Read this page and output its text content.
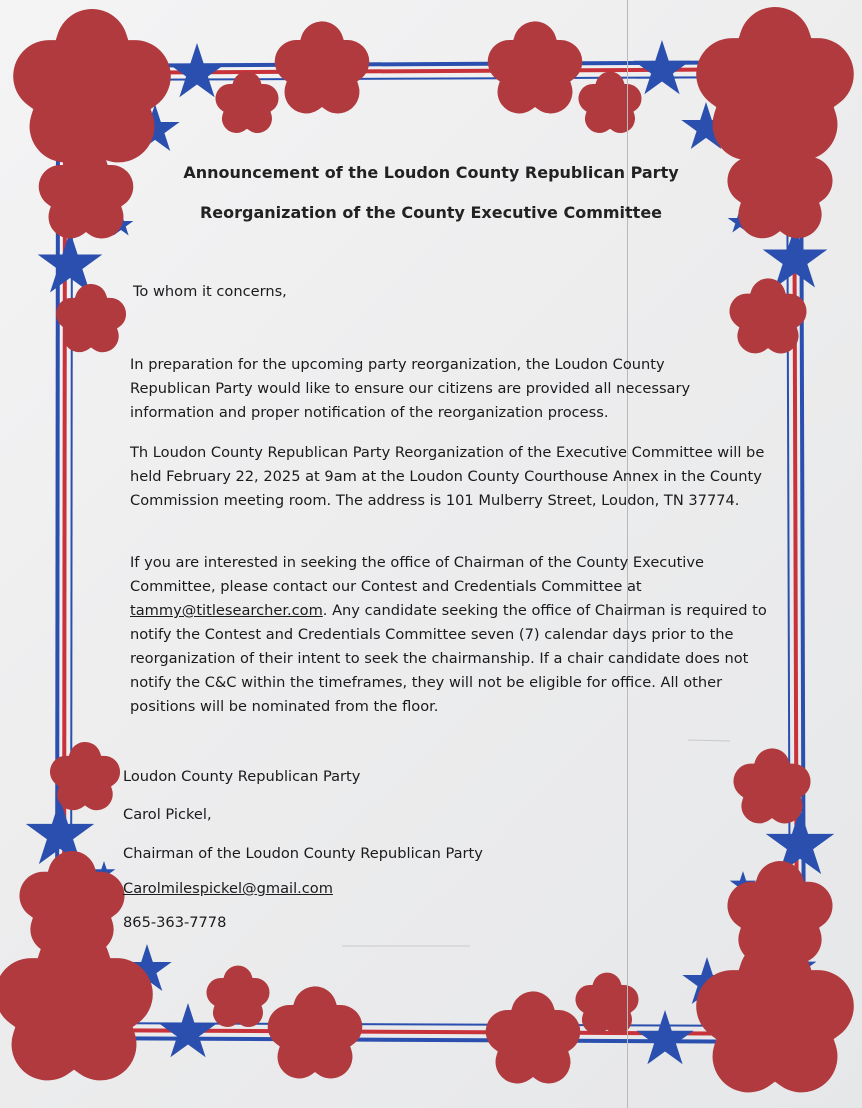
Announcement of the Loudon County Republican Party
Reorganization of the County Executive Committee
To whom it concerns,
In preparation for the upcoming party reorganization, the Loudon County Republican Party would like to ensure our citizens are provided all necessary information and proper notification of the reorganization process.
Th Loudon County Republican Party Reorganization of the Executive Committee will be held February 22, 2025 at 9am at the Loudon County Courthouse Annex in the County Commission meeting room. The address is 101 Mulberry Street, Loudon, TN 37774.
If you are interested in seeking the office of Chairman of the County Executive Committee, please contact our Contest and Credentials Committee at tammy@titlesearcher.com. Any candidate seeking the office of Chairman is required to notify the Contest and Credentials Committee seven (7) calendar days prior to the reorganization of their intent to seek the chairmanship. If a chair candidate does not notify the C&C within the timeframes, they will not be eligible for office. All other positions will be nominated from the floor.
Loudon County Republican Party
Carol Pickel,
Chairman of the Loudon County Republican Party
Carolmilespickel@gmail.com
865-363-7778
